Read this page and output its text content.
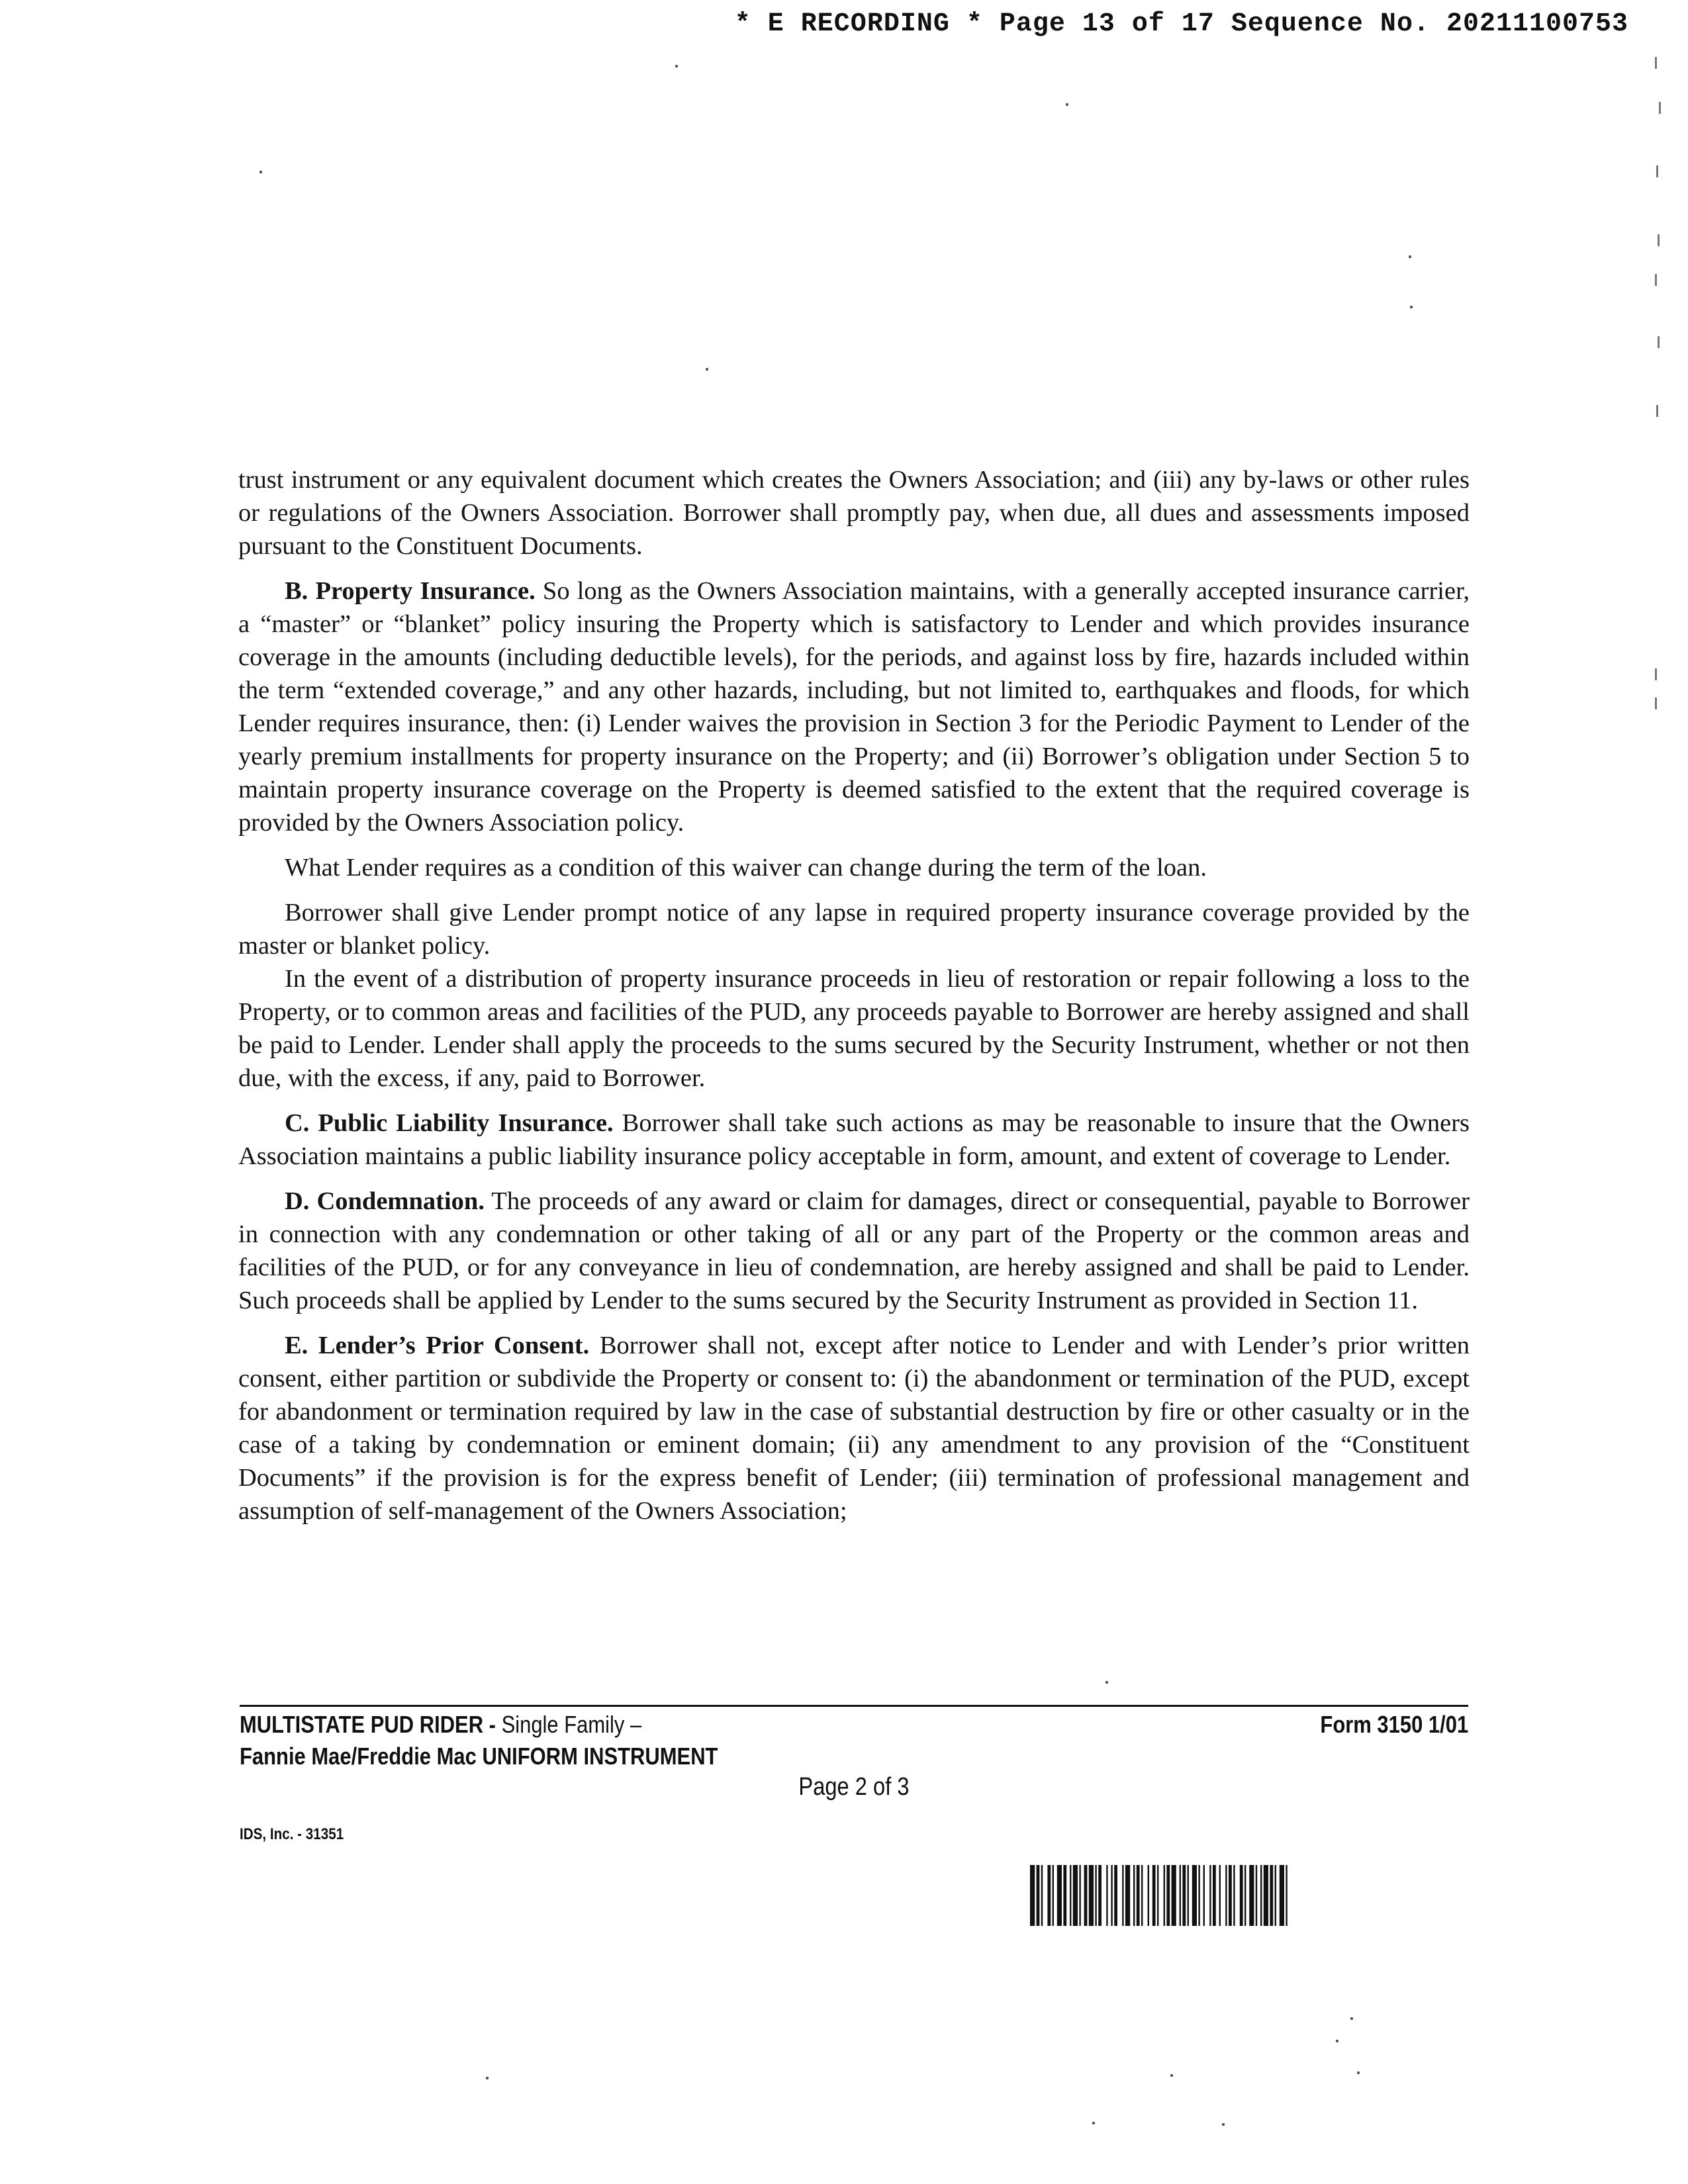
* E RECORDING * Page 13 of 17 Sequence No. 20211100753

trust instrument or any equivalent document which creates the Owners Association; and (iii) any by-laws or other rules or regulations of the Owners Association. Borrower shall promptly pay, when due, all dues and assessments imposed pursuant to the Constituent Documents.

B. Property Insurance. So long as the Owners Association maintains, with a generally accepted insurance carrier, a “master” or “blanket” policy insuring the Property which is satisfactory to Lender and which provides insurance coverage in the amounts (including deductible levels), for the periods, and against loss by fire, hazards included within the term “extended coverage,” and any other hazards, including, but not limited to, earthquakes and floods, for which Lender requires insurance, then: (i) Lender waives the provision in Section 3 for the Periodic Payment to Lender of the yearly premium installments for property insurance on the Property; and (ii) Borrower’s obligation under Section 5 to maintain property insurance coverage on the Property is deemed satisfied to the extent that the required coverage is provided by the Owners Association policy.

What Lender requires as a condition of this waiver can change during the term of the loan.

Borrower shall give Lender prompt notice of any lapse in required property insurance coverage provided by the master or blanket policy.

In the event of a distribution of property insurance proceeds in lieu of restoration or repair following a loss to the Property, or to common areas and facilities of the PUD, any proceeds payable to Borrower are hereby assigned and shall be paid to Lender. Lender shall apply the proceeds to the sums secured by the Security Instrument, whether or not then due, with the excess, if any, paid to Borrower.

C. Public Liability Insurance. Borrower shall take such actions as may be reasonable to insure that the Owners Association maintains a public liability insurance policy acceptable in form, amount, and extent of coverage to Lender.

D. Condemnation. The proceeds of any award or claim for damages, direct or consequential, payable to Borrower in connection with any condemnation or other taking of all or any part of the Property or the common areas and facilities of the PUD, or for any conveyance in lieu of condemnation, are hereby assigned and shall be paid to Lender. Such proceeds shall be applied by Lender to the sums secured by the Security Instrument as provided in Section 11.

E. Lender’s Prior Consent. Borrower shall not, except after notice to Lender and with Lender’s prior written consent, either partition or subdivide the Property or consent to: (i) the abandonment or termination of the PUD, except for abandonment or termination required by law in the case of substantial destruction by fire or other casualty or in the case of a taking by condemnation or eminent domain; (ii) any amendment to any provision of the “Constituent Documents” if the provision is for the express benefit of Lender; (iii) termination of professional management and assumption of self-management of the Owners Association;

MULTISTATE PUD RIDER - Single Family –
Fannie Mae/Freddie Mac UNIFORM INSTRUMENT
Form 3150 1/01
Page 2 of 3
IDS, Inc. - 31351
